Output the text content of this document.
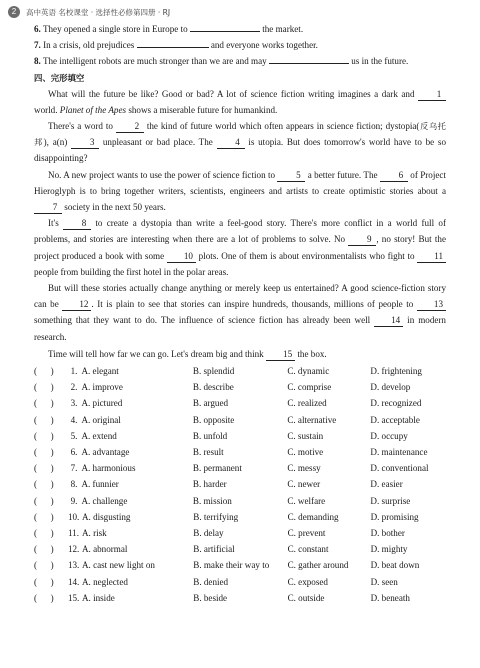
2	高中英语 名校课堂 · 选择性必修第四册 · RJ
6. They opened a single store in Europe to	the market.
7. In a crisis, old prejudices	and everyone works together.
8. The intelligent robots are much stronger than we are and may	us in the future.
四、完形填空

What will the future be like? Good or bad? A lot of science fiction writing imagines a dark and 1 world. Planet of the Apes shows a miserable future for humankind.

There's a word to 2 the kind of future world which often appears in science fiction; dystopia(反乌托邦), a(n) 3 unpleasant or bad place. The 4 is utopia. But does tomorrow's world have to be so disappointing?

No. A new project wants to use the power of science fiction to 5 a better future. The 6 of Project Hieroglyph is to bring together writers, scientists, engineers and artists to create optimistic stories about a 7 society in the next 50 years.

It's	8 to create a dystopia than write a feel-good story. There's more conflict in a world full of problems, and stories are interesting when there are a lot of problems to solve. No 9 , no story! But the project produced a book with some 10 plots. One of them is about environmentalists who fight to 11 people from building the first hotel in the polar areas.

But will these stories actually change anything or merely keep us entertained? A good science-fiction story can be 12 . It is plain to see that stories can inspire hundreds, thousands, millions of people to 13 something that they want to do. The influence of science fiction has already been well 14 in modern research.

Time will tell how far we can go. Let's dream big and think 15 the box.

(      )	1. A. elegant	B. splendid	C. dynamic	D. frightening
(      )	2. A. improve	B. describe	C. comprise	D. develop
(      )	3. A. pictured	B. argued	C. realized	D. recognized
(      )	4. A. original	B. opposite	C. alternative	D. acceptable
(      )	5. A. extend	B. unfold	C. sustain	D. occupy
(      )	6. A. advantage	B. result	C. motive	D. maintenance
(      )	7. A. harmonious	B. permanent	C. messy	D. conventional
(      )	8. A. funnier	B. harder	C. newer	D. easier
(      )	9. A. challenge	B. mission	C. welfare	D. surprise
(      )	10. A. disgusting	B. terrifying	C. demanding	D. promising
(      )	11. A. risk	B. delay	C. prevent	D. bother
(      )	12. A. abnormal	B. artificial	C. constant	D. mighty
(      )	13. A. cast new light on	B. make their way to	C. gather around	D. beat down
(      )	14. A. neglected	B. denied	C. exposed	D. seen
(      )	15. A. inside	B. beside	C. outside	D. beneath
